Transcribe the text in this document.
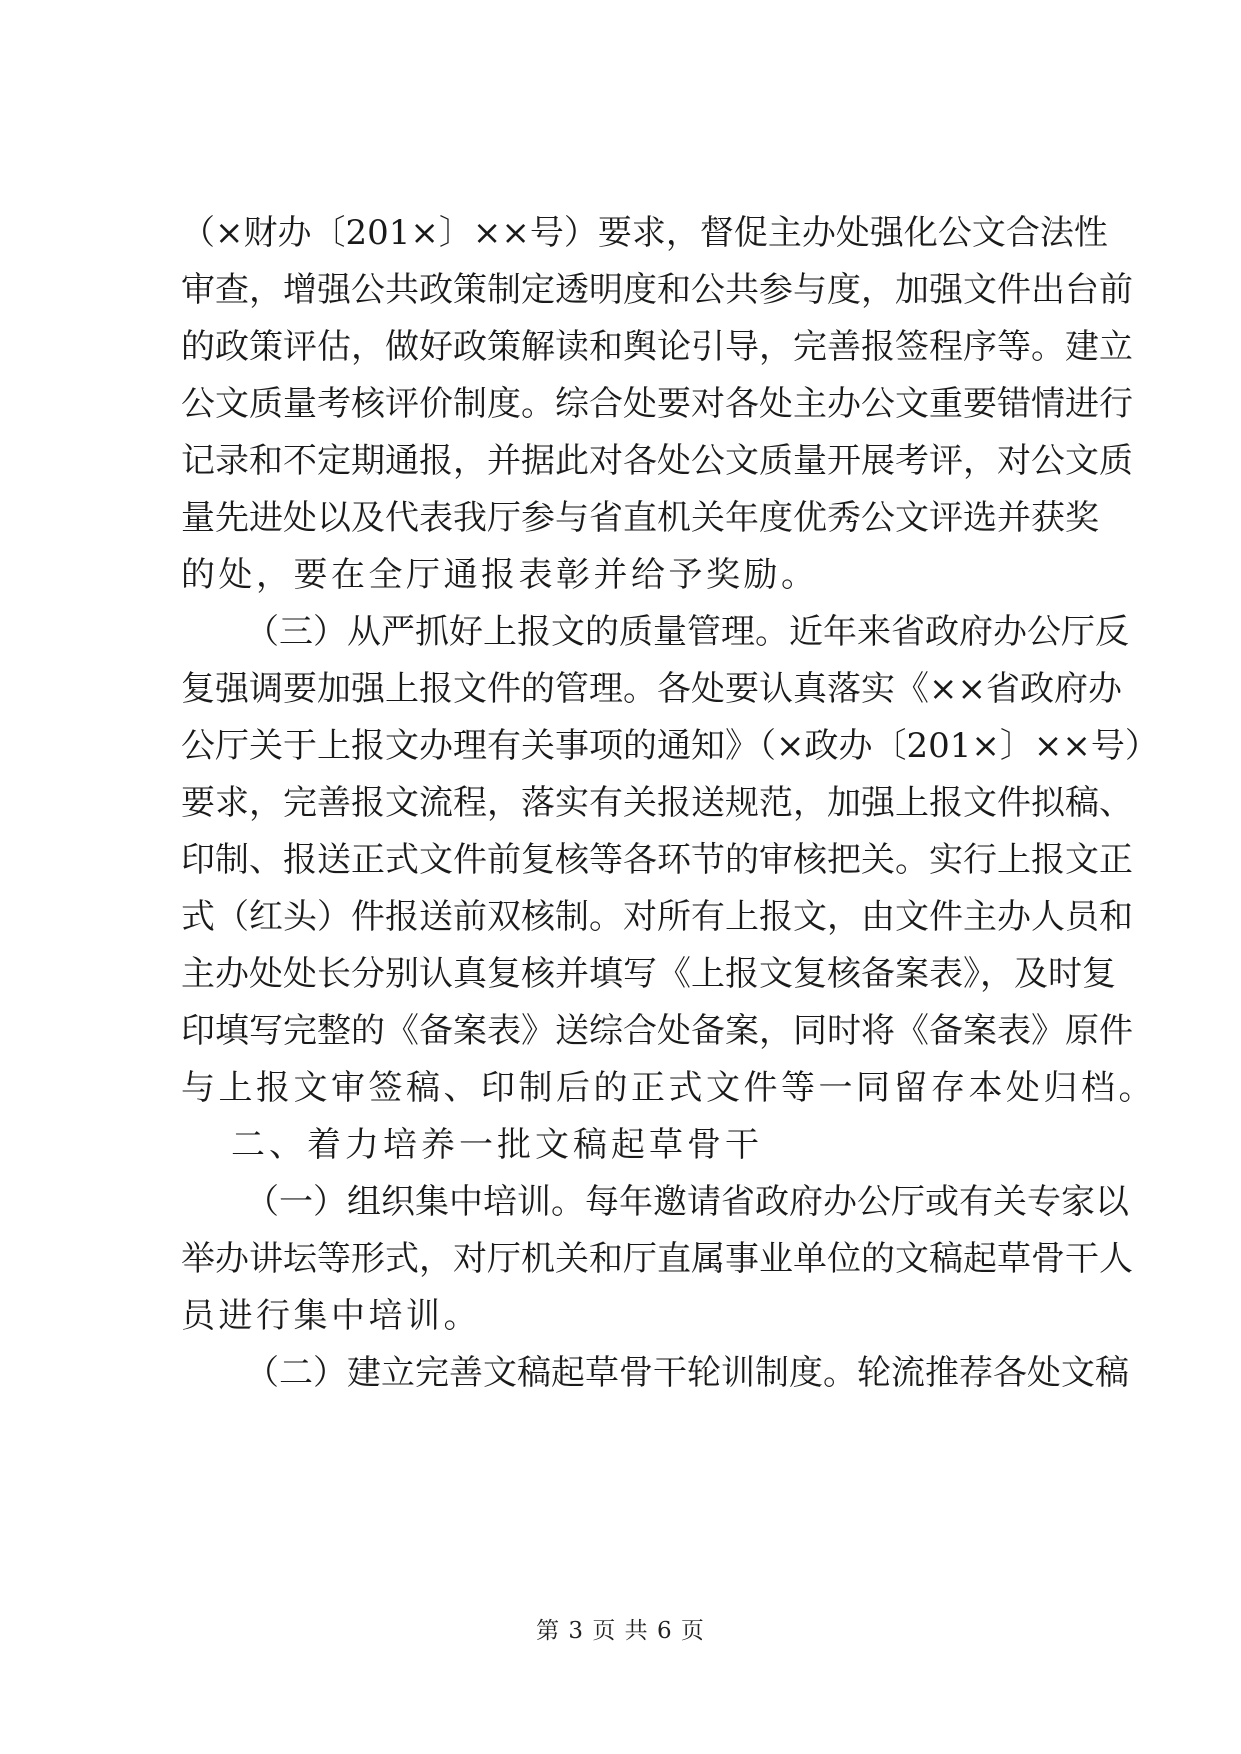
（×财办〔201×〕××号）要求，督促主办处强化公文合法性
审查，增强公共政策制定透明度和公共参与度，加强文件出台前
的政策评估，做好政策解读和舆论引导，完善报签程序等。建立
公文质量考核评价制度。综合处要对各处主办公文重要错情进行
记录和不定期通报，并据此对各处公文质量开展考评，对公文质
量先进处以及代表我厅参与省直机关年度优秀公文评选并获奖
的处，要在全厅通报表彰并给予奖励。
（三）从严抓好上报文的质量管理。近年来省政府办公厅反
复强调要加强上报文件的管理。各处要认真落实《××省政府办
公厅关于上报文办理有关事项的通知》（×政办〔201×〕××号）
要求，完善报文流程，落实有关报送规范，加强上报文件拟稿、
印制、报送正式文件前复核等各环节的审核把关。实行上报文正
式（红头）件报送前双核制。对所有上报文，由文件主办人员和
主办处处长分别认真复核并填写《上报文复核备案表》，及时复
印填写完整的《备案表》送综合处备案，同时将《备案表》原件
与上报文审签稿、印制后的正式文件等一同留存本处归档。
二、着力培养一批文稿起草骨干
（一）组织集中培训。每年邀请省政府办公厅或有关专家以
举办讲坛等形式，对厅机关和厅直属事业单位的文稿起草骨干人
员进行集中培训。
（二）建立完善文稿起草骨干轮训制度。轮流推荐各处文稿
第 3 页 共 6 页
